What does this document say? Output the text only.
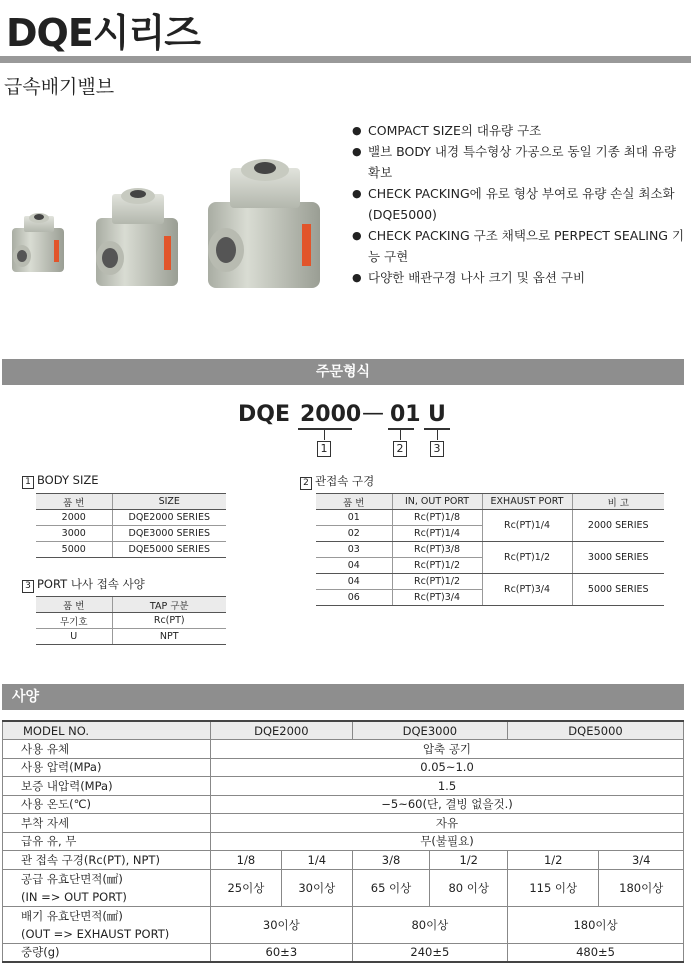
DQE시리즈
급속배기밸브
● COMPACT SIZE의 대유량 구조
● 밸브 BODY 내경 특수형상 가공으로 동일 기종 최대 유량 확보
● CHECK PACKING에 유로 형상 부여로 유량 손실 최소화 (DQE5000)
● CHECK PACKING 구조 채택으로 PERPECT SEALING 기능 구현
● 다양한 배관구경 나사 크기 및 옵션 구비
주문형식
DQE 2000 — 01 U
1	2	3
1 BODY SIZE
품 번	SIZE
2000	DQE2000 SERIES
3000	DQE3000 SERIES
5000	DQE5000 SERIES
3 PORT 나사 접속 사양
품 번	TAP 구분
무기호	Rc(PT)
U	NPT
2 관접속 구경
품 번	IN, OUT PORT	EXHAUST PORT	비 고
01	Rc(PT)1/8	Rc(PT)1/4	2000 SERIES
02	Rc(PT)1/4		
03	Rc(PT)3/8	Rc(PT)1/2	3000 SERIES
04	Rc(PT)1/2		
04	Rc(PT)1/2	Rc(PT)3/4	5000 SERIES
06	Rc(PT)3/4		
사양
MODEL NO.	DQE2000		DQE3000		DQE5000	
사용 유체	압축 공기					
사용 압력(MPa)	0.05~1.0					
보증 내압력(MPa)	1.5					
사용 온도(℃)	−5~60(단, 결빙 없을것.)					
부착 자세	자유					
급유 유, 무	무(불필요)					
관 접속 구경(Rc(PT), NPT)	1/8	1/4	3/8	1/2	1/2	3/4

공급 유효단면적(㎟)
(IN => OUT PORT)	25이상	30이상	65 이상	80 이상	115 이상	180이상

배기 유효단면적(㎟)
(OUT => EXHAUST PORT)	30이상		80이상		180이상	
중량(g)	60±3		240±5		480±5	
